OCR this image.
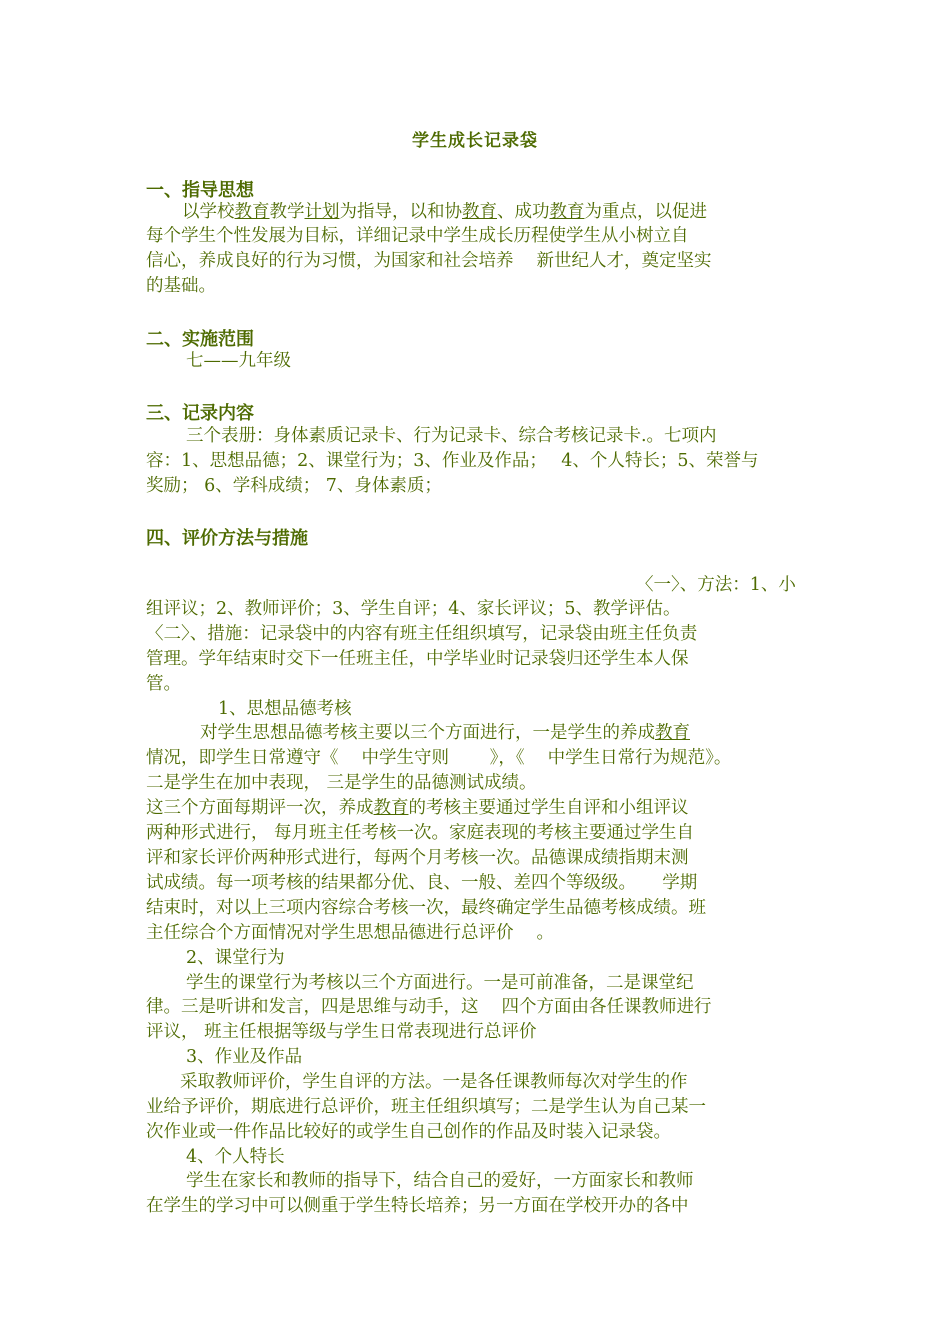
学生成长记录袋
一、指导思想
以学校教育教学计划为指导，以和协教育、成功教育为重点，以促进
每个学生个性发展为目标，详细记录中学生成长历程使学生从小树立自
信心，养成良好的行为习惯，为国家和社会培养　 新世纪人才，奠定坚实
的基础。
二、实施范围
七——九年级
三、记录内容
三个表册：身体素质记录卡、行为记录卡、综合考核记录卡.。七项内
容：1、思想品德；2、课堂行为；3、作业及作品；　 4、个人特长；5、荣誉与
奖励； 6、学科成绩； 7、身体素质；
四、评价方法与措施
〈一〉、方法：1、小
组评议；2、教师评价；3、学生自评；4、家长评议；5、教学评估。
〈二〉、措施：记录袋中的内容有班主任组织填写，记录袋由班主任负责
管理。学年结束时交下一任班主任，中学毕业时记录袋归还学生本人保
管。
1、思想品德考核
对学生思想品德考核主要以三个方面进行，一是学生的养成教育
情况，即学生日常遵守《　 中学生守则　　 》，《　 中学生日常行为规范》。
二是学生在加中表现， 三是学生的品德测试成绩。
这三个方面每期评一次，养成教育的考核主要通过学生自评和小组评议
两种形式进行， 每月班主任考核一次。家庭表现的考核主要通过学生自
评和家长评价两种形式进行，每两个月考核一次。品德课成绩指期末测
试成绩。每一项考核的结果都分优、良、一般、差四个等级级。　　学期
结束时，对以上三项内容综合考核一次，最终确定学生品德考核成绩。班
主任综合个方面情况对学生思想品德进行总评价　 。
2、课堂行为
学生的课堂行为考核以三个方面进行。一是可前准备，二是课堂纪
律。三是听讲和发言，四是思维与动手，这　 四个方面由各任课教师进行
评议， 班主任根据等级与学生日常表现进行总评价
3、作业及作品
采取教师评价，学生自评的方法。一是各任课教师每次对学生的作
业给予评价，期底进行总评价，班主任组织填写；二是学生认为自己某一
次作业或一件作品比较好的或学生自己创作的作品及时装入记录袋。
4、个人特长
学生在家长和教师的指导下，结合自己的爱好，一方面家长和教师
在学生的学习中可以侧重于学生特长培养；另一方面在学校开办的各中
